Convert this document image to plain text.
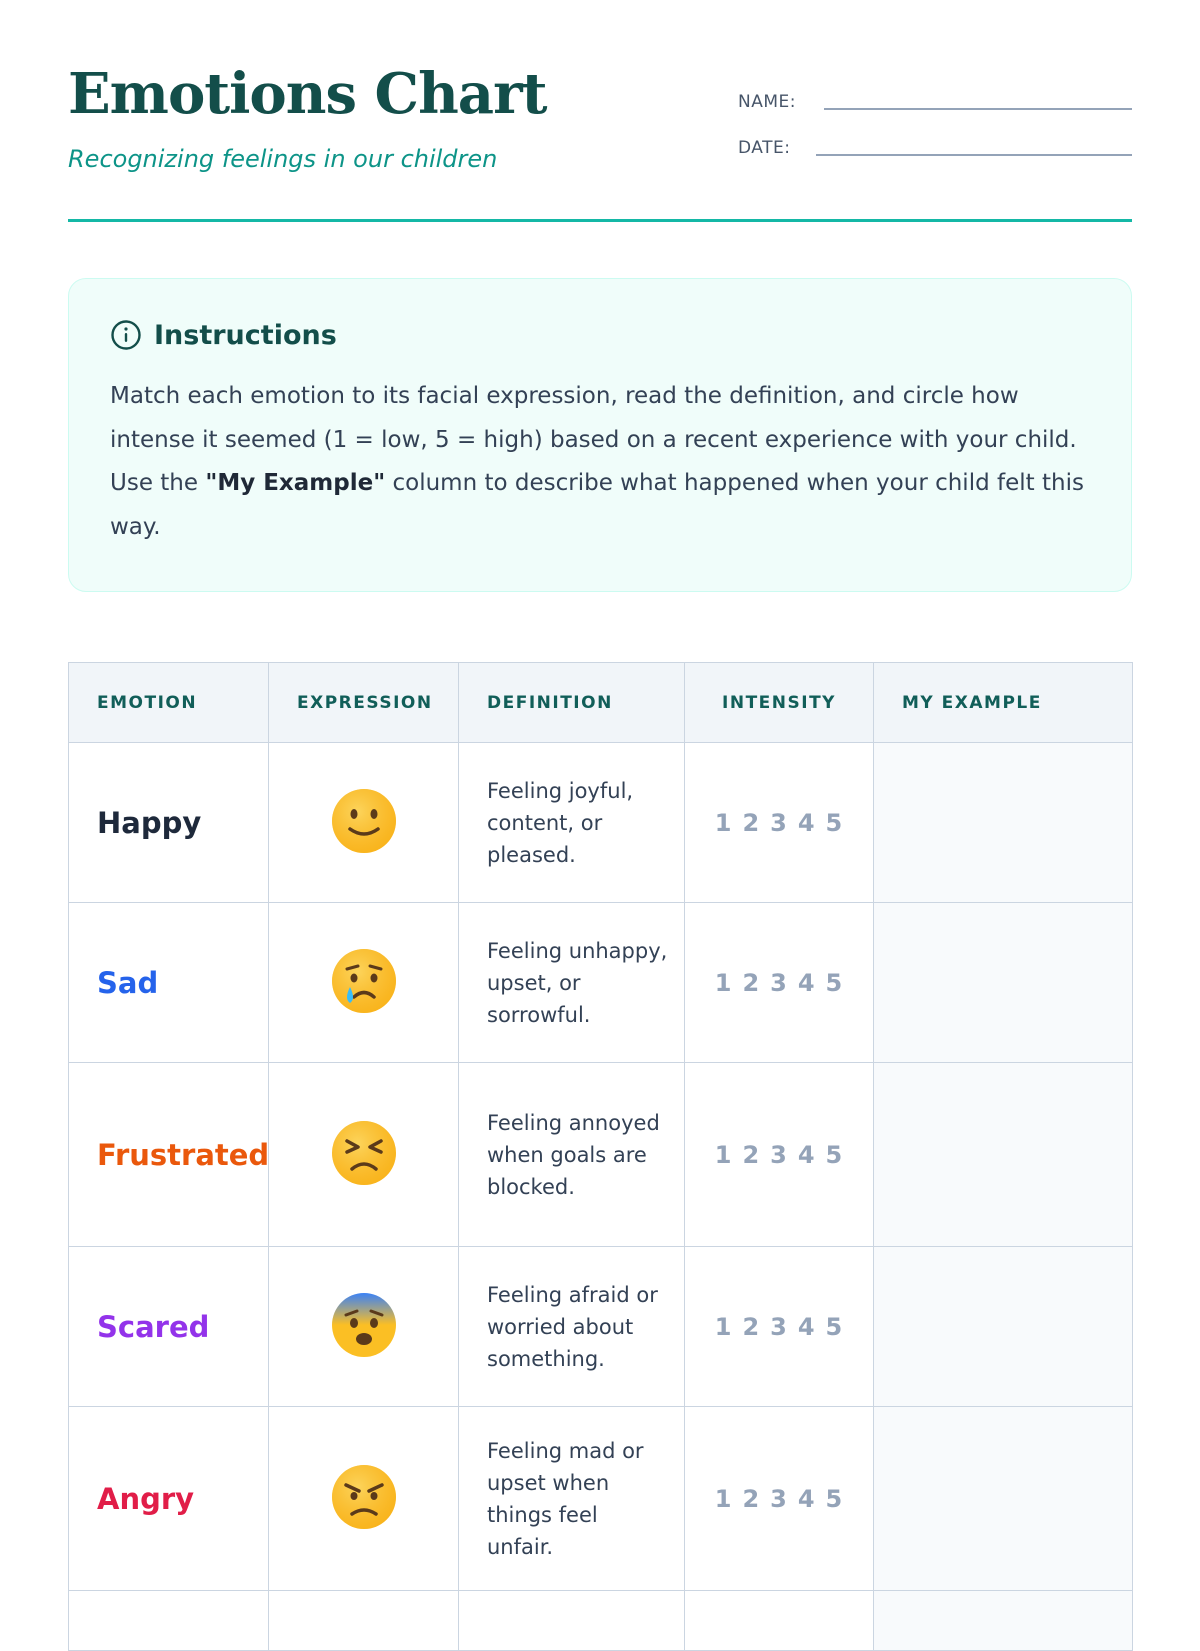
Emotions Chart
Recognizing feelings in our children
NAME:
DATE:
Instructions

Match each emotion to its facial expression, read the definition, and circle how intense it seemed (1 = low, 5 = high) based on a recent experience with your child. Use the "My Example" column to describe what happened when your child felt this way.

EMOTION	EXPRESSION	DEFINITION	INTENSITY	MY EXAMPLE
Happy		Feeling joyful, content, or pleased.	1 2 3 4 5	
Sad		Feeling unhappy, upset, or sorrowful.	1 2 3 4 5	
Frustrated		Feeling annoyed when goals are blocked.	1 2 3 4 5	
Scared		Feeling afraid or worried about something.	1 2 3 4 5	
Angry		Feeling mad or upset when things feel unfair.	1 2 3 4 5	
